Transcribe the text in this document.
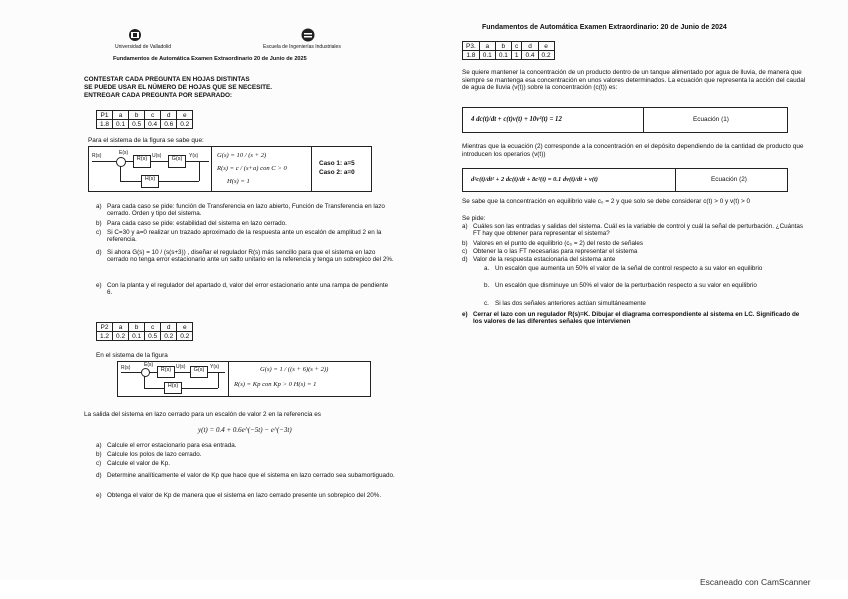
Universidad de Valladolid	Escuela de Ingenierías Industriales
Fundamentos de Automática Examen Extraordinario 20 de Junio de 2025
CONTESTAR CADA PREGUNTA EN HOJAS DISTINTAS
SE PUEDE USAR EL NÚMERO DE HOJAS QUE SE NECESITE.
ENTREGAR CADA PREGUNTA POR SEPARADO:
P1	a	b	c	d	e
1.8	0.1	0.5	0.4	0.6	0.2
Para el sistema de la figura se sabe que:
R(s)	E(s)
R(s) U(s)	G(s)	Y(s)
H(s)
G(s) = 10 / (s + 2)
R(s) = c / (s+a) con C > 0
H(s) = 1
Caso 1: a=5
Caso 2: a=0
a) Para cada caso se pide: función de Transferencia en lazo abierto, Función de Transferencia en lazo cerrado. Orden y tipo del sistema.
b) Para cada caso se pide: estabilidad del sistema en lazo cerrado.
c) Si C=30 y a=0 realizar un trazado aproximado de la respuesta ante un escalón de amplitud 2 en la referencia.
d) Si ahora G(s) = 10 / (s(s+3)) , diseñar el regulador R(s) más sencillo para que el sistema en lazo cerrado no tenga error estacionario ante un salto unitario en la referencia y tenga un sobrepico del 2%.
e) Con la planta y el regulador del apartado d, valor del error estacionario ante una rampa de pendiente 6.
P2	a	b	c	d	e
1.2	0.2	0.1	0.5	0.2	0.2
En el sistema de la figura
R(s)	E(s)
R(s) U(s)	G(s)	Y(s)
H(s)
G(s) = 1 / ((s + 6)(s + 2))
R(s) = Kp con Kp > 0 H(s) = 1
La salida del sistema en lazo cerrado para un escalón de valor 2 en la referencia es
y(t) = 0.4 + 0.6e^(−5t) − e^(−3t)
a) Calcule el error estacionario para esa entrada.
b) Calcule los polos de lazo cerrado.
c) Calcule el valor de Kp.
d) Determine analíticamente el valor de Kp que hace que el sistema en lazo cerrado sea subamortiguado.
e) Obtenga el valor de Kp de manera que el sistema en lazo cerrado presente un sobrepico del 20%.
Fundamentos de Automática Examen Extraordinario: 20 de Junio de 2024
P3.	a	b	c	d	e
1.8	0.1	0.1	1	0.4	0.2
Se quiere mantener la concentración de un producto dentro de un tanque alimentado por agua de lluvia, de manera que siempre se mantenga esa concentración en unos valores determinados. La ecuación que representa la acción del caudal de agua de lluvia (v(t)) sobre la concentración (c(t)) es:
4 dc(t)/dt + c(t)v(t) + 10v²(t) = 12	Ecuación (1)
Mientras que la ecuación (2) corresponde a la concentración en el depósito dependiendo de la cantidad de producto que introducen los operarios (v(t))
d²c(t)/dt² + 2 dc(t)/dt + 8c²(t) = 0.1 dv(t)/dt + v(t)	Ecuación (2)
Se sabe que la concentración en equilibrio vale c₀ = 2 y que solo se debe considerar c(t) > 0 y v(t) > 0
Se pide:
a) Cuáles son las entradas y salidas del sistema. Cuál es la variable de control y cuál la señal de perturbación. ¿Cuántas FT hay que obtener para representar el sistema?
b) Valores en el punto de equilibrio (c₀ = 2) del resto de señales
c) Obtener la o las FT necesarias para representar el sistema
d) Valor de la respuesta estacionaria del sistema ante
a. Un escalón que aumenta un 50% el valor de la señal de control respecto a su valor en equilibrio
b. Un escalón que disminuye un 50% el valor de la perturbación respecto a su valor en equilibrio
c. Si las dos señales anteriores actúan simultáneamente
e) Cerrar el lazo con un regulador R(s)=K. Dibujar el diagrama correspondiente al sistema en LC. Significado de los valores de las diferentes señales que intervienen
Escaneado con CamScanner
